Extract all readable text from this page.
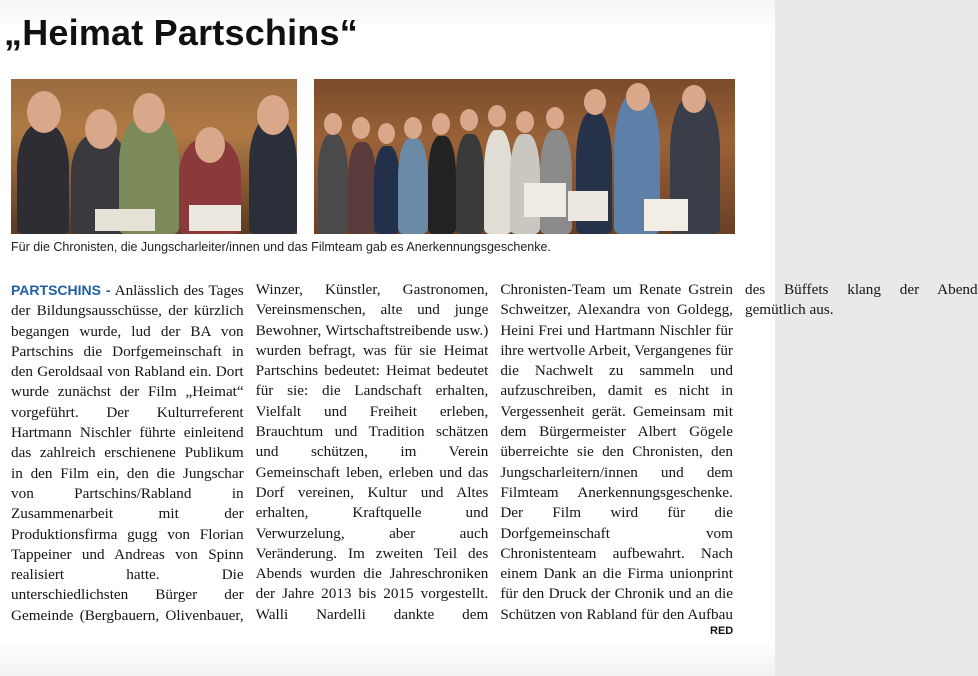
„Heimat Partschins“

Für die Chronisten, die Jungscharleiter/innen und das Filmteam gab es Anerkennungsgeschenke.

PARTSCHINS - Anlässlich des Tages der Bildungsausschüsse, der kürzlich begangen wurde, lud der BA von Partschins die Dorfgemeinschaft in den Geroldsaal von Rabland ein. Dort wurde zunächst der Film „Heimat“ vorgeführt. Der Kulturreferent Hartmann Nischler führte einleitend das zahlreich erschienene Publikum in den Film ein, den die Jungschar von Partschins/Rabland in Zusammenarbeit mit der Produktionsfirma gugg von Florian Tappeiner und Andreas von Spinn realisiert hatte. Die unterschiedlichsten Bürger der Gemeinde (Bergbauern, Olivenbauer, Winzer, Künstler, Gastronomen, Vereinsmenschen, alte und junge Bewohner, Wirtschaftstreibende usw.) wurden befragt, was für sie Heimat Partschins bedeutet: Heimat bedeutet für sie: die Landschaft erhalten, Vielfalt und Freiheit erleben, Brauchtum und Tradition schätzen und schützen, im Verein Gemeinschaft leben, erleben und das Dorf vereinen, Kultur und Altes erhalten, Kraftquelle und Verwurzelung, aber auch Veränderung. Im zweiten Teil des Abends wurden die Jahreschroniken der Jahre 2013 bis 2015 vorgestellt. Walli Nardelli dankte dem Chronisten-Team um Renate Gstrein Schweitzer, Alexandra von Goldegg, Heini Frei und Hartmann Nischler für ihre wertvolle Arbeit, Vergangenes für die Nachwelt zu sammeln und aufzuschreiben, damit es nicht in Vergessenheit gerät. Gemeinsam mit dem Bürgermeister Albert Gögele überreichte sie den Chronisten, den Jungscharleitern/innen und dem Filmteam Anerkennungsgeschenke. Der Film wird für die Dorfgemeinschaft vom Chronistenteam aufbewahrt. Nach einem Dank an die Firma unionprint für den Druck der Chronik und an die Schützen von Rabland für den Aufbau des Büffets klang der Abend gemütlich aus.

RED
